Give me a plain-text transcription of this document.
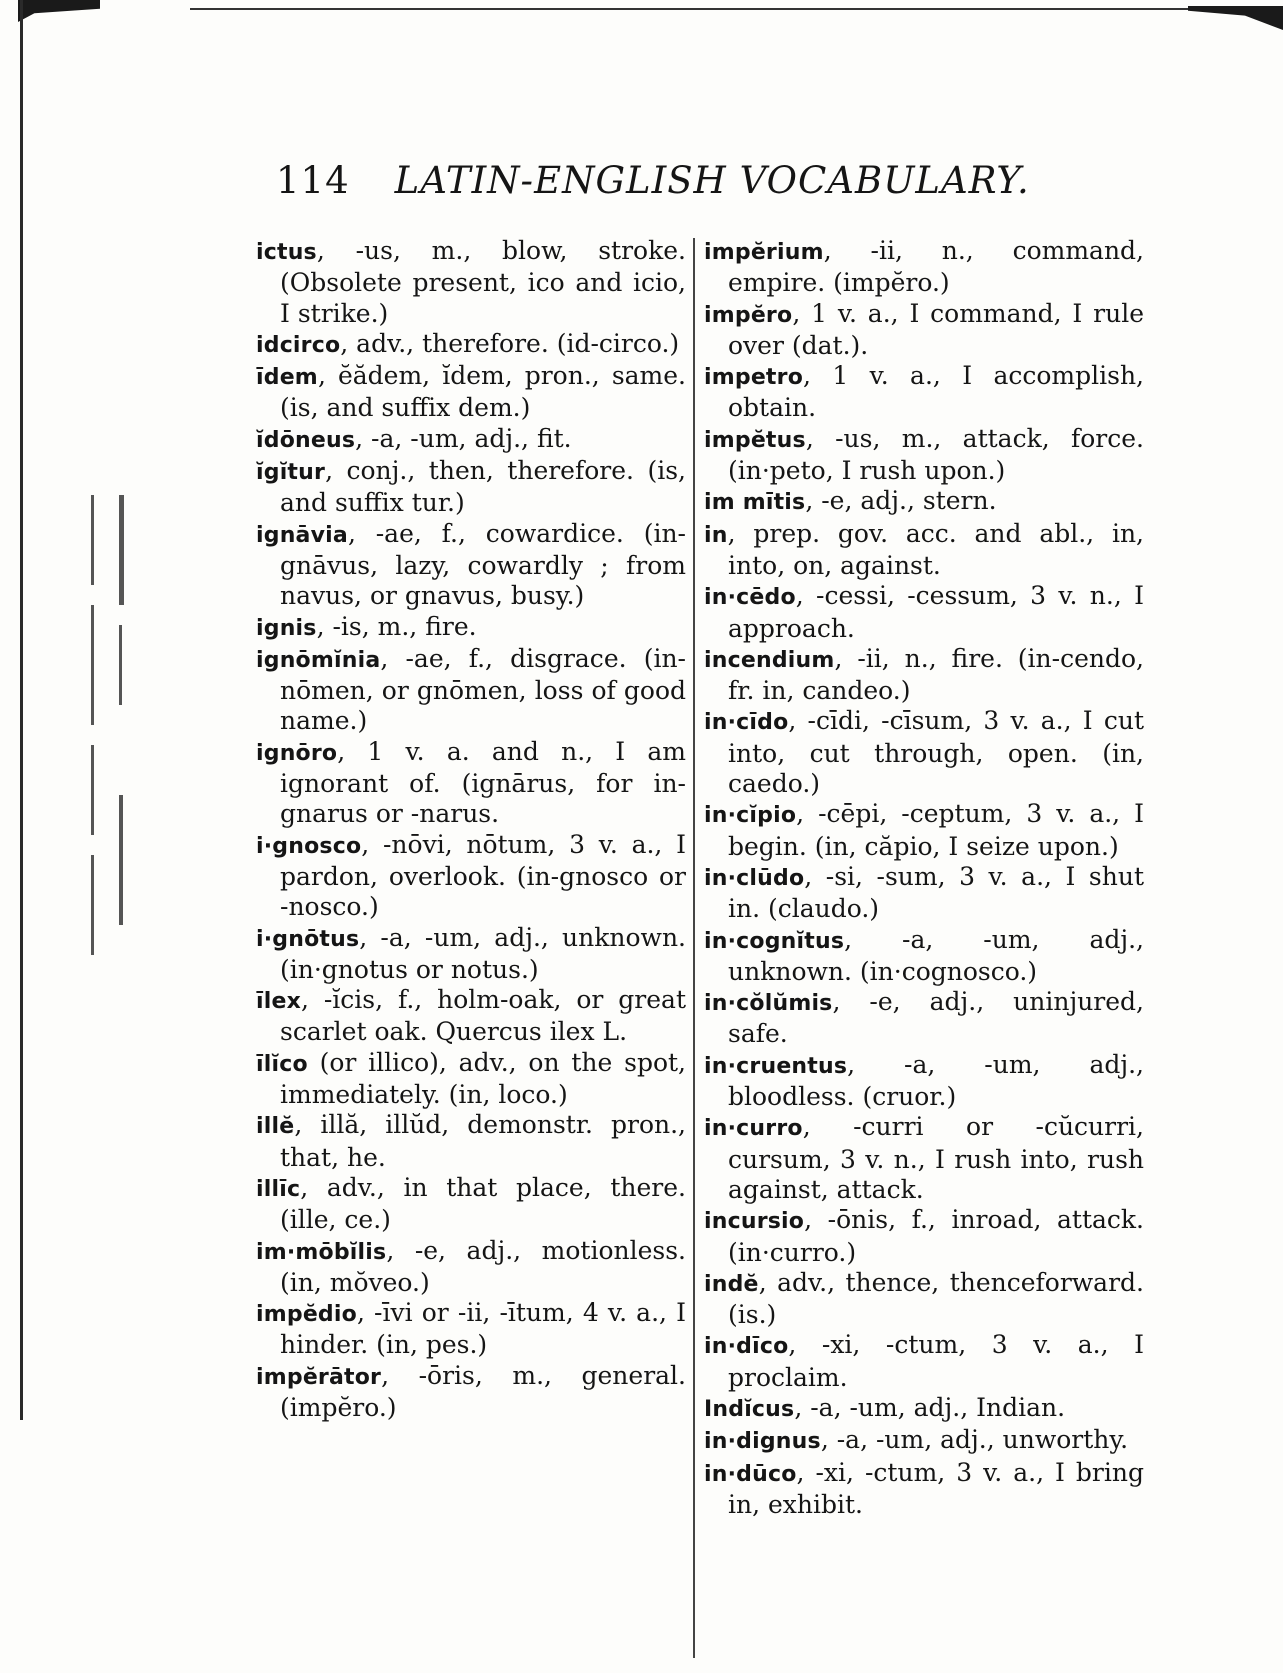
114 LATIN-ENGLISH VOCABULARY.
ictus, -us, m., blow, stroke. (Obsolete present, ico and icio, I strike.)
idcirco, adv., therefore. (id-circo.)
īdem, ĕădem, ĭdem, pron., same. (is, and suffix dem.)
ĭdōneus, -a, -um, adj., fit.
ĭgĭtur, conj., then, therefore. (is, and suffix tur.)
ignāvia, -ae, f., cowardice. (in-gnāvus, lazy, cowardly ; from navus, or gnavus, busy.)
ignis, -is, m., fire.
ignōmĭnia, -ae, f., disgrace. (in-nōmen, or gnōmen, loss of good name.)
ignōro, 1 v. a. and n., I am ignorant of. (ignārus, for in-gnarus or -narus.
i·gnosco, -nōvi, nōtum, 3 v. a., I pardon, overlook. (in-gnosco or -nosco.)
i·gnōtus, -a, -um, adj., unknown. (in·gnotus or notus.)
īlex, -ĭcis, f., holm-oak, or great scarlet oak. Quercus ilex L.
īlĭco (or illico), adv., on the spot, immediately. (in, loco.)
illĕ, illă, illŭd, demonstr. pron., that, he.
illīc, adv., in that place, there. (ille, ce.)
im·mōbĭlis, -e, adj., motionless. (in, mŏveo.)
impĕdio, -īvi or -ii, -ītum, 4 v. a., I hinder. (in, pes.)
impĕrātor, -ōris, m., general. (impĕro.)
impĕrium, -ii, n., command, empire. (impĕro.)
impĕro, 1 v. a., I command, I rule over (dat.).
impetro, 1 v. a., I accomplish, obtain.
impĕtus, -us, m., attack, force. (in·peto, I rush upon.)
im mītis, -e, adj., stern.
in, prep. gov. acc. and abl., in, into, on, against.
in·cēdo, -cessi, -cessum, 3 v. n., I approach.
incendium, -ii, n., fire. (in-cendo, fr. in, candeo.)
in·cīdo, -cīdi, -cīsum, 3 v. a., I cut into, cut through, open. (in, caedo.)
in·cĭpio, -cēpi, -ceptum, 3 v. a., I begin. (in, căpio, I seize upon.)
in·clūdo, -si, -sum, 3 v. a., I shut in. (claudo.)
in·cognĭtus, -a, -um, adj., unknown. (in·cognosco.)
in·cŏlŭmis, -e, adj., uninjured, safe.
in·cruentus, -a, -um, adj., bloodless. (cruor.)
in·curro, -curri or -cŭcurri, cursum, 3 v. n., I rush into, rush against, attack.
incursio, -ōnis, f., inroad, attack. (in·curro.)
indĕ, adv., thence, thenceforward. (is.)
in·dīco, -xi, -ctum, 3 v. a., I proclaim.
Indĭcus, -a, -um, adj., Indian.
in·dignus, -a, -um, adj., unworthy.
in·dūco, -xi, -ctum, 3 v. a., I bring in, exhibit.
